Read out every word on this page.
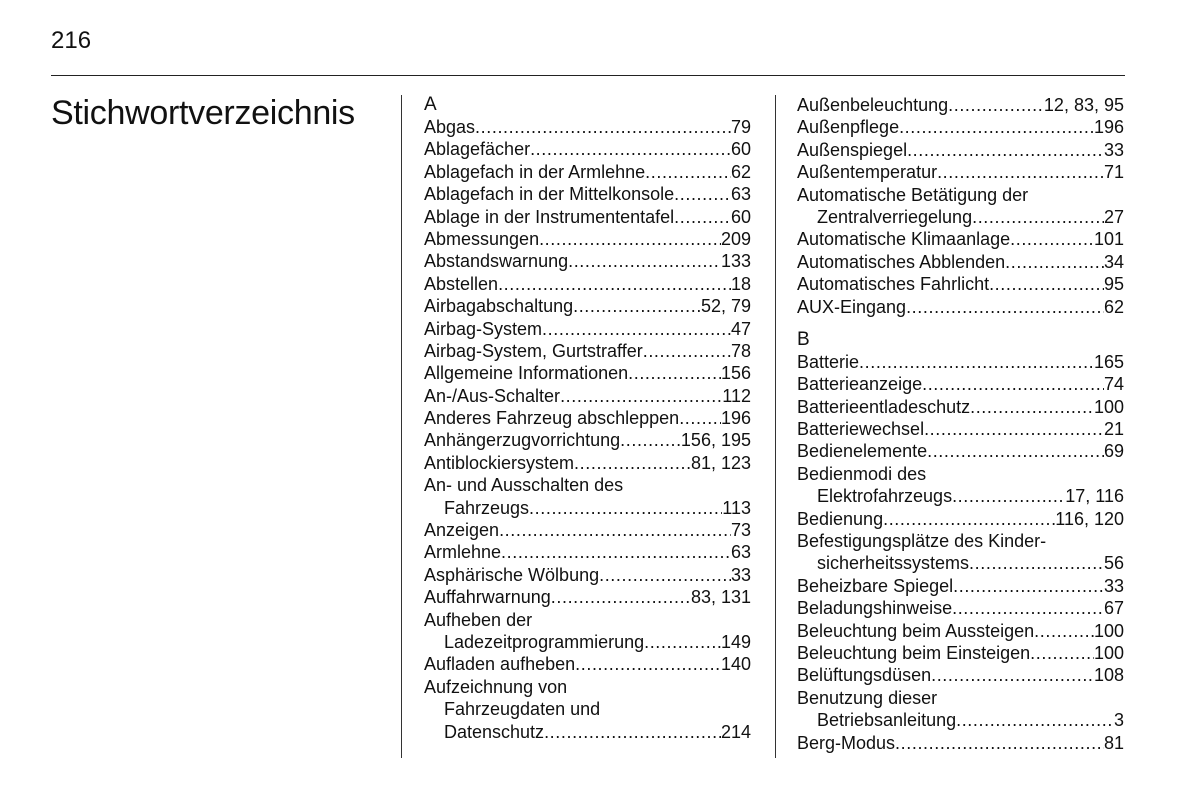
216
Stichwortverzeichnis	A
Abgas .....	79
Ablagefächer .....	60
Ablagefach in der Armlehne .....	62
Ablagefach in der Mittelkonsole .....	63
Ablage in der Instrumententafel .....	60
Abmessungen .....	209
Abstandswarnung .....	133
Abstellen .....	18
Airbagabschaltung .....	52, 79
Airbag-System .....	47
Airbag-System, Gurtstraffer .....	78
Allgemeine Informationen .....	156
An-/Aus-Schalter .....	112
Anderes Fahrzeug abschleppen ..... 196
Anhängerzugvorrichtung .....	156, 195
Antiblockiersystem .....	81, 123
An- und Ausschalten des
Fahrzeugs .....	113
Anzeigen .....	73
Armlehne .....	63
Asphärische Wölbung .....	33
Auffahrwarnung .....	83, 131
Aufheben der
Ladezeitprogrammierung .....	149
Aufladen aufheben .....	140
Aufzeichnung von
Fahrzeugdaten und
Datenschutz .....	214
Außenbeleuchtung .....	12, 83, 95
Außenpflege .....	196
Außenspiegel .....	33
Außentemperatur .....	71
Automatische Betätigung der
Zentralverriegelung .....	27
Automatische Klimaanlage .....	101
Automatisches Abblenden .....	34
Automatisches Fahrlicht .....	95
AUX-Eingang .....	62
B
Batterie .....	165
Batterieanzeige .....	74
Batterieentladeschutz .....	100
Batteriewechsel .....	21
Bedienelemente .....	69
Bedienmodi des
Elektrofahrzeugs .....	17, 116
Bedienung .....	116, 120
Befestigungsplätze des Kinder-
sicherheitssystems .....	56
Beheizbare Spiegel .....	33
Beladungshinweise .....	67
Beleuchtung beim Aussteigen .....	100
Beleuchtung beim Einsteigen .....	100
Belüftungsdüsen .....	108
Benutzung dieser
Betriebsanleitung .....	3
Berg-Modus .....	81
